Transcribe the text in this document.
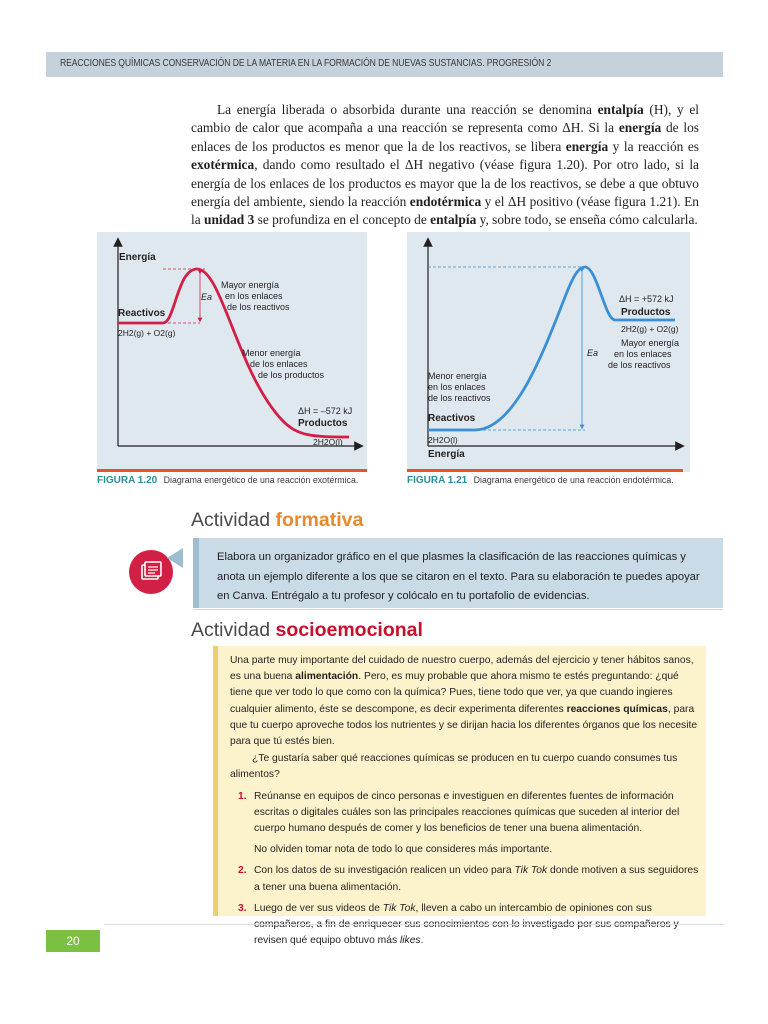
REACCIONES QUÍMICAS CONSERVACIÓN DE LA MATERIA EN LA FORMACIÓN DE NUEVAS SUSTANCIAS. PROGRESIÓN 2

La energía liberada o absorbida durante una reacción se denomina entalpía (H), y el cambio de calor que acompaña a una reacción se representa como ΔH. Si la energía de los enlaces de los productos es menor que la de los reactivos, se libera energía y la reacción es exotérmica, dando como resultado el ΔH negativo (véase figura 1.20). Por otro lado, si la energía de los enlaces de los productos es mayor que la de los reactivos, se debe a que obtuvo energía del ambiente, siendo la reacción endotérmica y el ΔH positivo (véase figura 1.21). En la unidad 3 se profundiza en el concepto de entalpía y, sobre todo, se enseña cómo calcularla.

Energía
Ea
Reactivos
2H2(g) + O2(g)
Mayor energía
en los enlaces
de los reactivos
Menor energía
de los enlaces
de los productos
ΔH = –572 kJ
Productos
2H2O(l)
FIGURA 1.20 Diagrama energético de una reacción exotérmica.
ΔH = +572 kJ
Productos
2H2(g) + O2(g)
Mayor energía
en los enlaces
de los reactivos
Ea
Menor energía
en los enlaces
de los reactivos
Reactivos
2H2O(l)
Energía
FIGURA 1.21 Diagrama energético de una reacción endotérmica.
Actividad formativa

Elabora un organizador gráfico en el que plasmes la clasificación de las reacciones químicas y anota un ejemplo diferente a los que se citaron en el texto. Para su elaboración te puedes apoyar en Canva. Entrégalo a tu profesor y colócalo en tu portafolio de evidencias.

Actividad socioemocional

Una parte muy importante del cuidado de nuestro cuerpo, además del ejercicio y tener hábitos sanos, es una buena alimentación. Pero, es muy probable que ahora mismo te estés preguntando: ¿qué tiene que ver todo lo que como con la química? Pues, tiene todo que ver, ya que cuando ingieres cualquier alimento, éste se descompone, es decir experimenta diferentes reacciones químicas, para que tu cuerpo aproveche todos los nutrientes y se dirijan hacia los diferentes órganos que los necesite para que tú estés bien.

¿Te gustaría saber qué reacciones químicas se producen en tu cuerpo cuando consumes tus alimentos?

1. Reúnanse en equipos de cinco personas e investiguen en diferentes fuentes de información escritas o digitales cuáles son las principales reacciones químicas que suceden al interior del cuerpo humano después de comer y los beneficios de tener una buena alimentación.

No olviden tomar nota de todo lo que consideres más importante.

2. Con los datos de su investigación realicen un video para Tik Tok donde motiven a sus seguidores a tener una buena alimentación.
3. Luego de ver sus videos de Tik Tok, lleven a cabo un intercambio de opiniones con sus revisen qué equipo obtuvo más likes.
20
